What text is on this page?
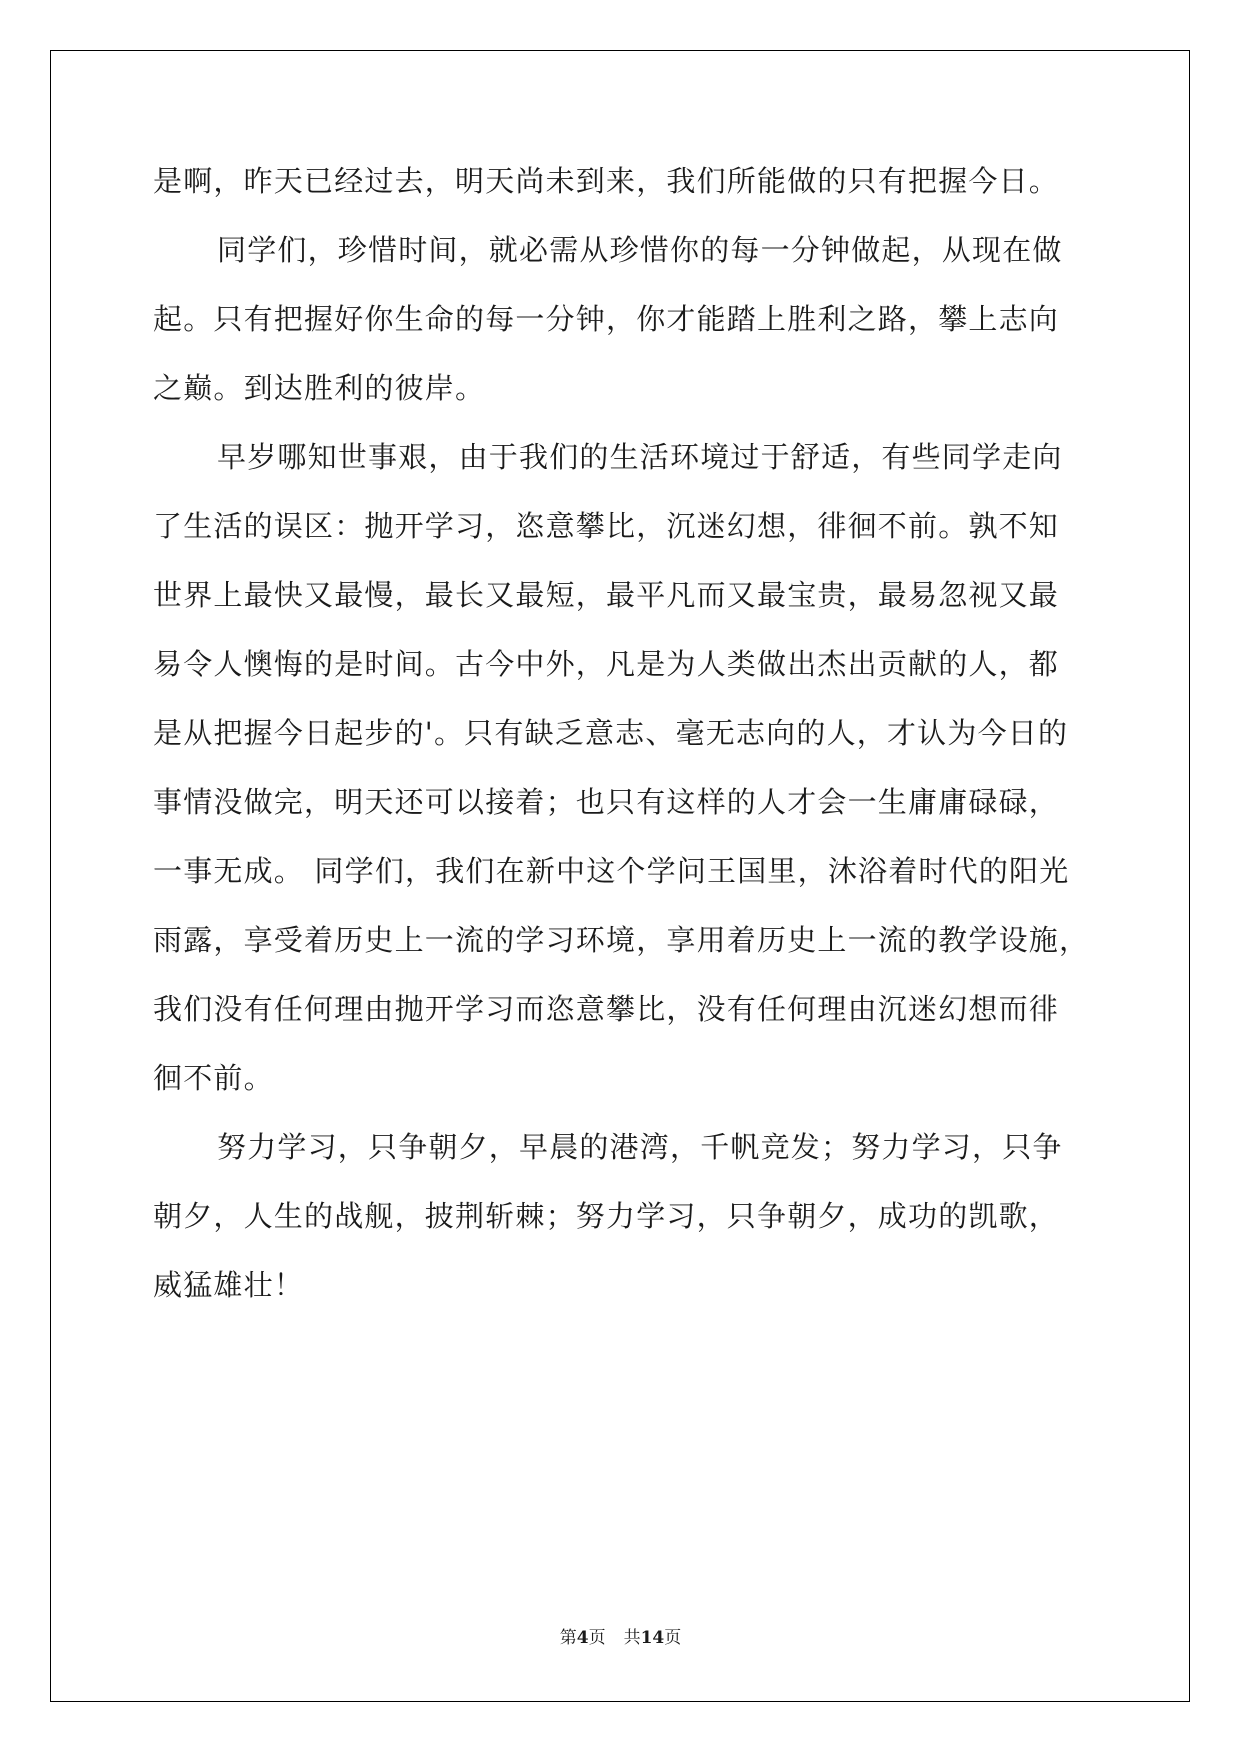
是啊，昨天已经过去，明天尚未到来，我们所能做的只有把握今日。
同学们，珍惜时间，就必需从珍惜你的每一分钟做起，从现在做
起。只有把握好你生命的每一分钟，你才能踏上胜利之路，攀上志向
之巅。到达胜利的彼岸。
早岁哪知世事艰，由于我们的生活环境过于舒适，有些同学走向
了生活的误区：抛开学习，恣意攀比，沉迷幻想，徘徊不前。孰不知
世界上最快又最慢，最长又最短，最平凡而又最宝贵，最易忽视又最
易令人懊悔的是时间。古今中外，凡是为人类做出杰出贡献的人，都
是从把握今日起步的'。只有缺乏意志、毫无志向的人，才认为今日的
事情没做完，明天还可以接着；也只有这样的人才会一生庸庸碌碌，
一事无成。 同学们，我们在新中这个学问王国里，沐浴着时代的阳光
雨露，享受着历史上一流的学习环境，享用着历史上一流的教学设施，
我们没有任何理由抛开学习而恣意攀比，没有任何理由沉迷幻想而徘
徊不前。
努力学习，只争朝夕，早晨的港湾，千帆竞发；努力学习，只争
朝夕，人生的战舰，披荆斩棘；努力学习，只争朝夕，成功的凯歌，
威猛雄壮！
第4页 共14页
